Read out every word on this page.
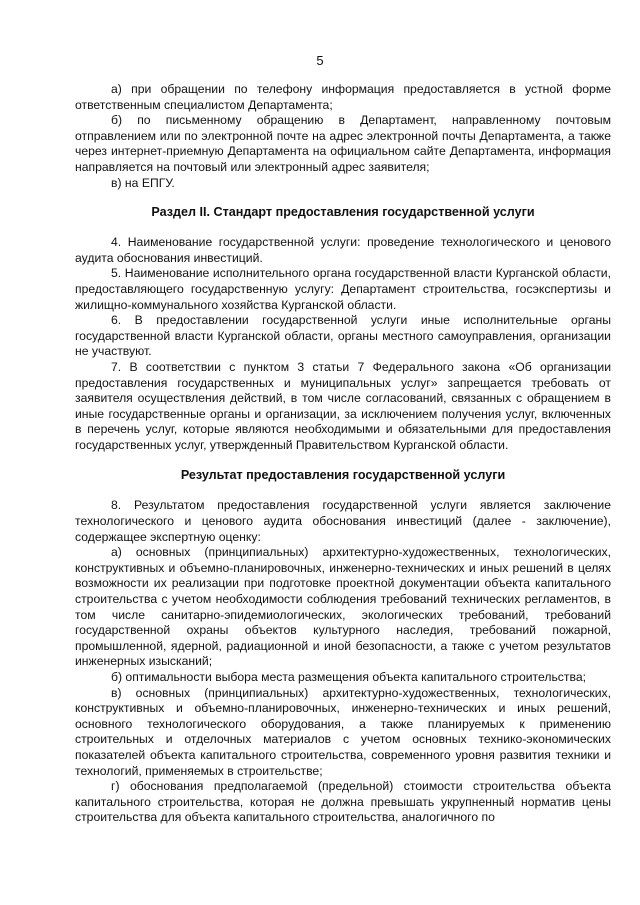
5

а) при обращении по телефону информация предоставляется в устной форме ответственным специалистом Департамента;

б) по письменному обращению в Департамент, направленному почтовым отправлением или по электронной почте на адрес электронной почты Департамента, а также через интернет-приемную Департамента на официальном сайте Департамента, информация направляется на почтовый или электронный адрес заявителя;

в) на ЕПГУ.

Раздел II. Стандарт предоставления государственной услуги

4. Наименование государственной услуги: проведение технологического и ценового аудита обоснования инвестиций.

5. Наименование исполнительного органа государственной власти Курганской области, предоставляющего государственную услугу: Департамент строительства, госэкспертизы и жилищно-коммунального хозяйства Курганской области.

6. В предоставлении государственной услуги иные исполнительные органы государственной власти Курганской области, органы местного самоуправления, организации не участвуют.

7. В соответствии с пунктом 3 статьи 7 Федерального закона «Об организации предоставления государственных и муниципальных услуг» запрещается требовать от заявителя осуществления действий, в том числе согласований, связанных с обращением в иные государственные органы и организации, за исключением получения услуг, включенных в перечень услуг, которые являются необходимыми и обязательными для предоставления государственных услуг, утвержденный Правительством Курганской области.

Результат предоставления государственной услуги

8. Результатом предоставления государственной услуги является заключение технологического и ценового аудита обоснования инвестиций (далее - заключение), содержащее экспертную оценку:

а) основных (принципиальных) архитектурно-художественных, технологических, конструктивных и объемно-планировочных, инженерно-технических и иных решений в целях возможности их реализации при подготовке проектной документации объекта капитального строительства с учетом необходимости соблюдения требований технических регламентов, в том числе санитарно-эпидемиологических, экологических требований, требований государственной охраны объектов культурного наследия, требований пожарной, промышленной, ядерной, радиационной и иной безопасности, а также с учетом результатов инженерных изысканий;

б) оптимальности выбора места размещения объекта капитального строительства;

в) основных (принципиальных) архитектурно-художественных, технологических, конструктивных и объемно-планировочных, инженерно-технических и иных решений, основного технологического оборудования, а также планируемых к применению строительных и отделочных материалов с учетом основных технико-экономических показателей объекта капитального строительства, современного уровня развития техники и технологий, применяемых в строительстве;

г) обоснования предполагаемой (предельной) стоимости строительства объекта капитального строительства, которая не должна превышать укрупненный норматив цены строительства для объекта капитального строительства, аналогичного по
